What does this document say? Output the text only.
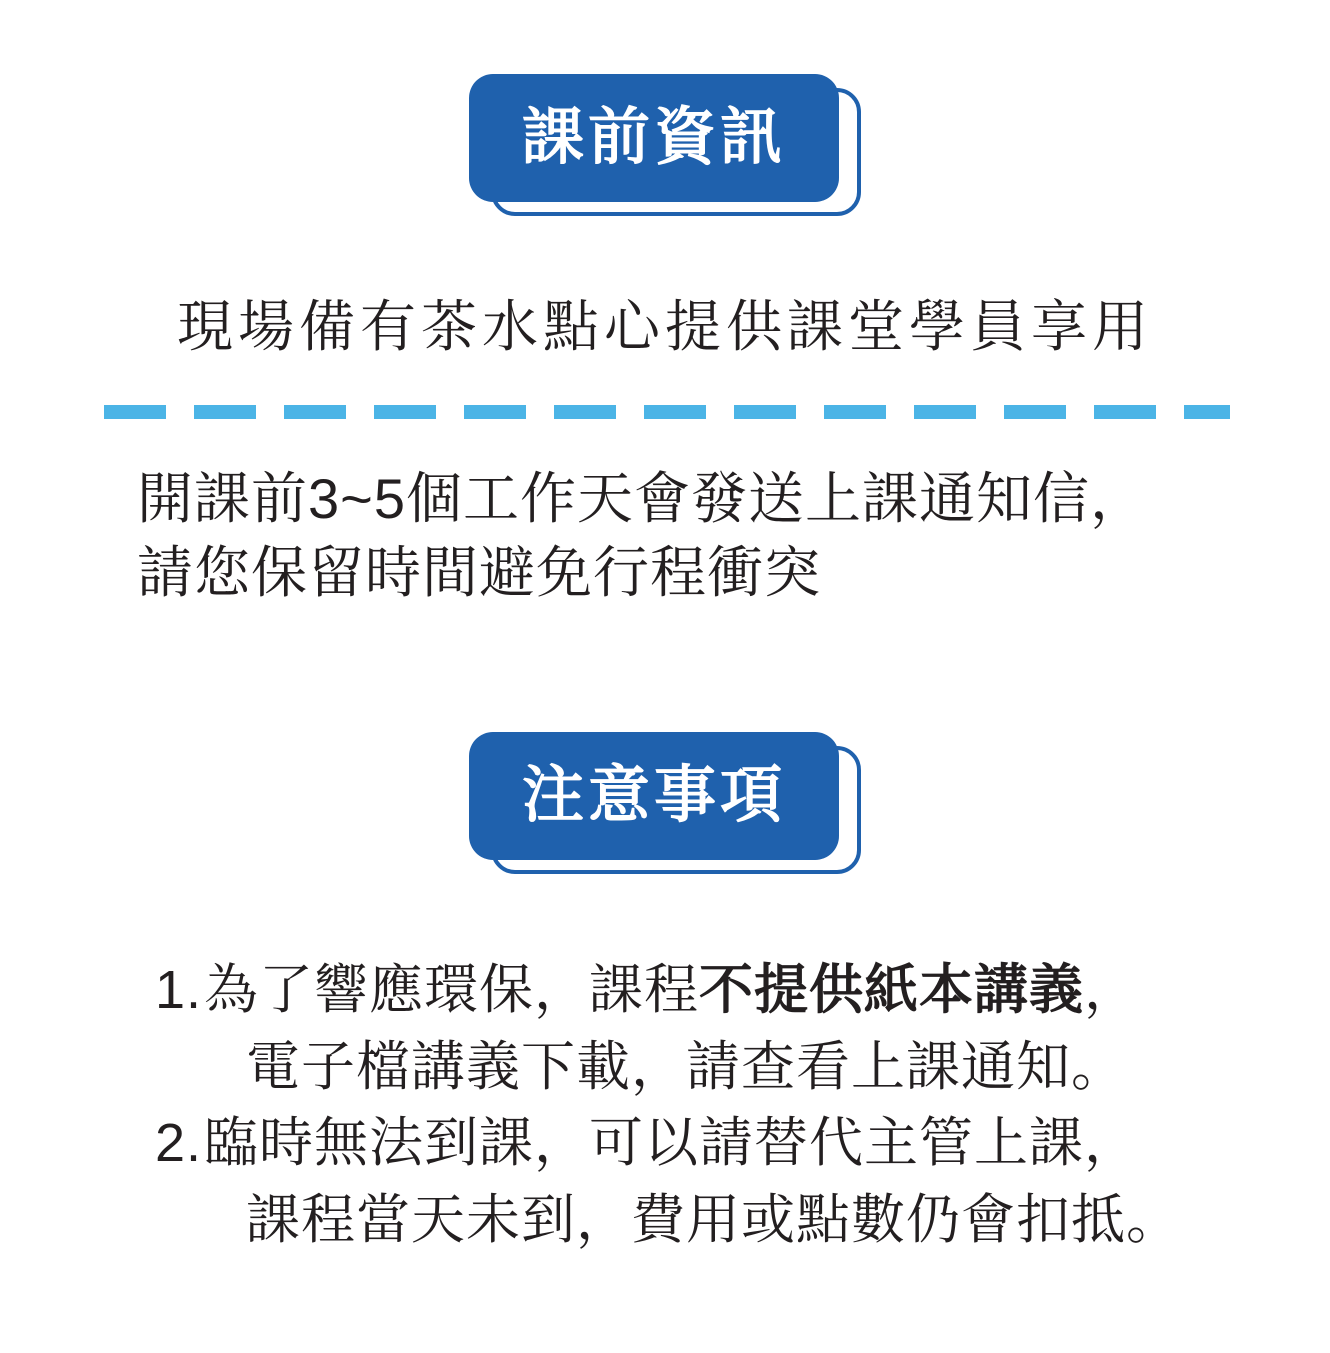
課前資訊
現場備有茶水點心提供課堂學員享用
開課前3~5個工作天會發送上課通知信，
請您保留時間避免行程衝突
注意事項
1. 為了響應環保，課程不提供紙本講義，
電子檔講義下載，請查看上課通知。
2. 臨時無法到課，可以請替代主管上課，
課程當天未到，費用或點數仍會扣抵。
